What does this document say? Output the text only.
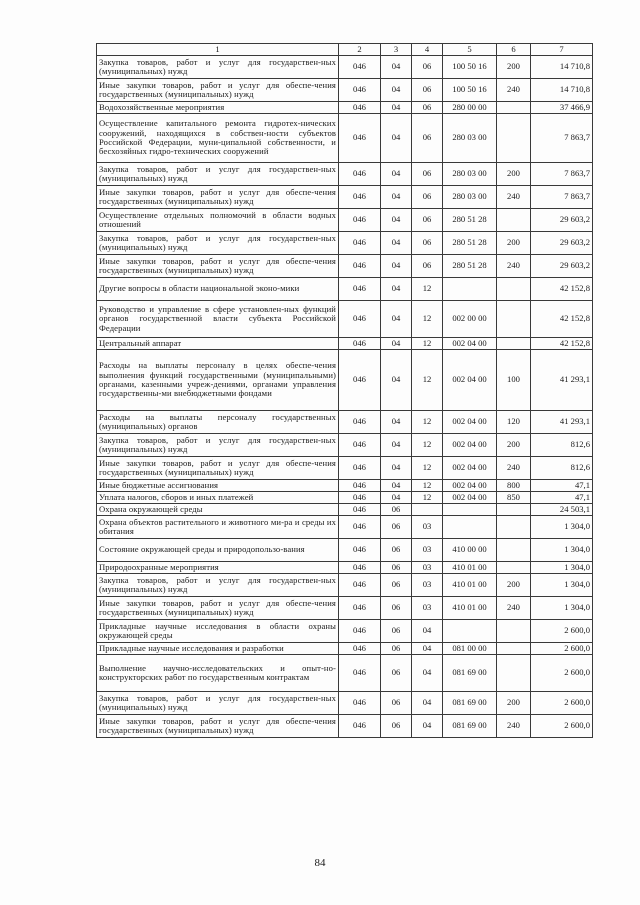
1	2	3	4	5	6	7
Закупка товаров, работ и услуг для государствен-ных (муниципальных) нужд	046	04	06	100 50 16	200	14 710,8
Иные закупки товаров, работ и услуг для обеспе-чения государственных (муниципальных) нужд	046	04	06	100 50 16	240	14 710,8
Водохозяйственные мероприятия	046	04	06	280 00 00		37 466,9
Осуществление капитального ремонта гидротех-нических сооружений, находящихся в собствен-ности субъектов Российской Федерации, муни-ципальной собственности, и бесхозяйных гидро-технических сооружений	046	04	06	280 03 00		7 863,7
Закупка товаров, работ и услуг для государствен-ных (муниципальных) нужд	046	04	06	280 03 00	200	7 863,7
Иные закупки товаров, работ и услуг для обеспе-чения государственных (муниципальных) нужд	046	04	06	280 03 00	240	7 863,7
Осуществление отдельных полномочий в области водных отношений	046	04	06	280 51 28		29 603,2
Закупка товаров, работ и услуг для государствен-ных (муниципальных) нужд	046	04	06	280 51 28	200	29 603,2
Иные закупки товаров, работ и услуг для обеспе-чения государственных (муниципальных) нужд	046	04	06	280 51 28	240	29 603,2
Другие вопросы в области национальной эконо-мики	046	04	12			42 152,8
Руководство и управление в сфере установлен-ных функций органов государственной власти субъекта Российской Федерации	046	04	12	002 00 00		42 152,8
Центральный аппарат	046	04	12	002 04 00		42 152,8
Расходы на выплаты персоналу в целях обеспе-чения выполнения функций государственными (муниципальными) органами, казенными учреж-дениями, органами управления государственны-ми внебюджетными фондами	046	04	12	002 04 00	100	41 293,1
Расходы на выплаты персоналу государственных (муниципальных) органов	046	04	12	002 04 00	120	41 293,1
Закупка товаров, работ и услуг для государствен-ных (муниципальных) нужд	046	04	12	002 04 00	200	812,6
Иные закупки товаров, работ и услуг для обеспе-чения государственных (муниципальных) нужд	046	04	12	002 04 00	240	812,6
Иные бюджетные ассигнования	046	04	12	002 04 00	800	47,1
Уплата налогов, сборов и иных платежей	046	04	12	002 04 00	850	47,1
Охрана окружающей среды	046	06				24 503,1
Охрана объектов растительного и животного ми-ра и среды их обитания	046	06	03			1 304,0
Состояние окружающей среды и природопользо-вания	046	06	03	410 00 00		1 304,0
Природоохранные мероприятия	046	06	03	410 01 00		1 304,0
Закупка товаров, работ и услуг для государствен-ных (муниципальных) нужд	046	06	03	410 01 00	200	1 304,0
Иные закупки товаров, работ и услуг для обеспе-чения государственных (муниципальных) нужд	046	06	03	410 01 00	240	1 304,0
Прикладные научные исследования в области охраны окружающей среды	046	06	04			2 600,0
Прикладные научные исследования и разработки	046	06	04	081 00 00		2 600,0
Выполнение научно-исследовательских и опыт-но-конструкторских работ по государственным контрактам	046	06	04	081 69 00		2 600,0
Закупка товаров, работ и услуг для государствен-ных (муниципальных) нужд	046	06	04	081 69 00	200	2 600,0
Иные закупки товаров, работ и услуг для обеспе-чения государственных (муниципальных) нужд	046	06	04	081 69 00	240	2 600,0
84
